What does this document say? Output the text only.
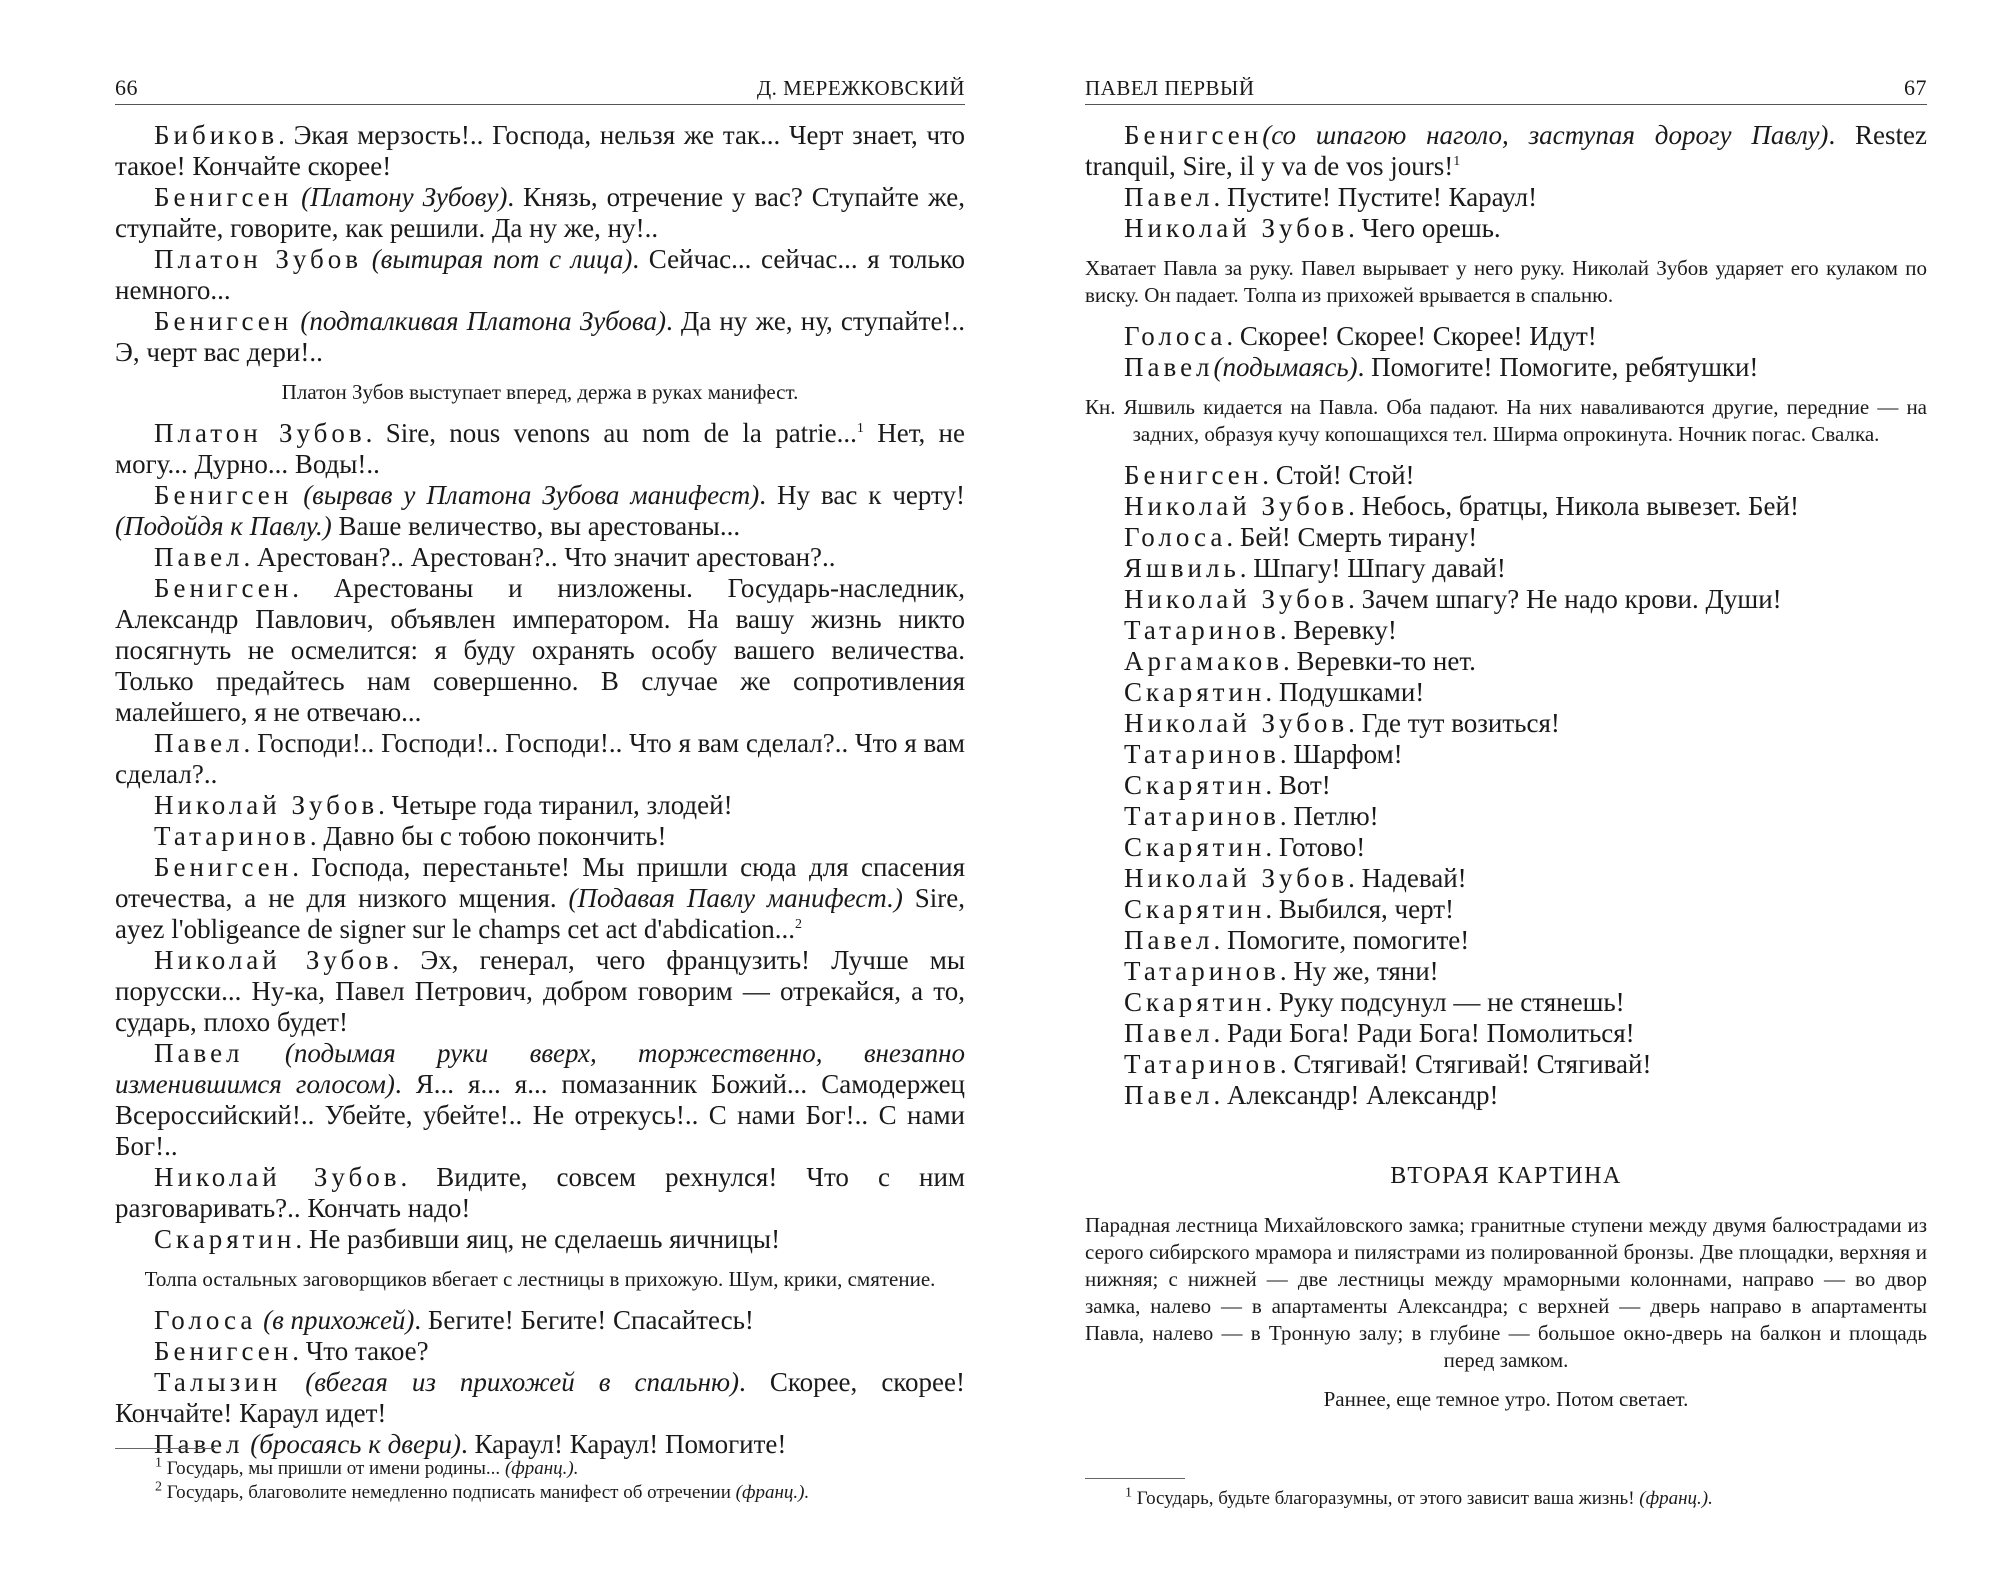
66	Д. МЕРЕЖКОВСКИЙ

Бибиков. Экая мерзость!.. Господа, нельзя же так... Черт знает, что такое! Кончайте скорее!

Бенигсен (Платону Зубову). Князь, отречение у вас? Ступайте же, ступайте, говорите, как решили. Да ну же, ну!..

Платон Зубов (вытирая пот с лица). Сейчас... сейчас... я только немного...

Бенигсен (подталкивая Платона Зубова). Да ну же, ну, ступайте!.. Э, черт вас дери!..

Платон Зубов выступает вперед, держа в руках манифест.

Платон Зубов. Sire, nous venons au nom de la patrie...$^1$ Нет, не могу... Дурно... Воды!..

Бенигсен (вырвав у Платона Зубова манифест). Ну вас к черту! (Подойдя к Павлу.) Ваше величество, вы арестованы...

Павел. Арестован?.. Арестован?.. Что значит арестован?..

Бенигсен. Арестованы и низложены. Государь-наследник, Александр Павлович, объявлен императором. На вашу жизнь никто посягнуть не осмелится: я буду охранять особу вашего величества. Только предайтесь нам совершенно. В случае же сопротивления малейшего, я не отвечаю...

Павел. Господи!.. Господи!.. Господи!.. Что я вам сделал?.. Что я вам сделал?..

Николай Зубов. Четыре года тиранил, злодей!

Татаринов. Давно бы с тобою покончить!

Бенигсен. Господа, перестаньте! Мы пришли сюда для спасения отечества, а не для низкого мщения. (Подавая Павлу манифест.) Sire, ayez l'obligeance de signer sur le champs cet act d'abdication...$^2$

Николай Зубов. Эх, генерал, чего французить! Лучше мы порусски... Ну-ка, Павел Петрович, добром говорим — отрекайся, а то, сударь, плохо будет!

Павел (подымая руки вверх, торжественно, внезапно изменившимся голосом). Я... я... я... помазанник Божий... Самодержец Всероссийский!.. Убейте, убейте!.. Не отрекусь!.. С нами Бог!.. С нами Бог!..

Николай Зубов. Видите, совсем рехнулся! Что с ним разговаривать?.. Кончать надо!

Скарятин. Не разбивши яиц, не сделаешь яичницы!

Толпа остальных заговорщиков вбегает с лестницы в прихожую. Шум, крики, смятение.

Голоса (в прихожей). Бегите! Бегите! Спасайтесь!

Бенигсен. Что такое?

Талызин (вбегая из прихожей в спальню). Скорее, скорее! Кончайте! Караул идет!

Павел (бросаясь к двери). Караул! Караул! Помогите!

$^1$ Государь, мы пришли от имени родины... (франц.).

$^2$ Государь, благоволите немедленно подписать манифест об отречении (франц.).

ПАВЕЛ ПЕРВЫЙ	67

Бенигсен(со шпагою наголо, заступая дорогу Павлу). Restez tranquil, Sire, il y va de vos jours!$^1$

Павел. Пустите! Пустите! Караул!

Николай Зубов. Чего орешь.

Хватает Павла за руку. Павел вырывает у него руку. Николай Зубов ударяет его кулаком по виску. Он падает. Толпа из прихожей врывается в спальню.

Голоса. Скорее! Скорее! Скорее! Идут!

Павел(подымаясь). Помогите! Помогите, ребятушки!

Кн. Яшвиль кидается на Павла. Оба падают. На них наваливаются другие, передние — на задних, образуя кучу копошащихся тел. Ширма опрокинута. Ночник погас. Свалка.

Бенигсен. Стой! Стой!

Николай Зубов. Небось, братцы, Никола вывезет. Бей!

Голоса. Бей! Смерть тирану!

Яшвиль. Шпагу! Шпагу давай!

Николай Зубов. Зачем шпагу? Не надо крови. Души!

Татаринов. Веревку!

Аргамаков. Веревки-то нет.

Скарятин. Подушками!

Николай Зубов. Где тут возиться!

Татаринов. Шарфом!

Скарятин. Вот!

Татаринов. Петлю!

Скарятин. Готово!

Николай Зубов. Надевай!

Скарятин. Выбился, черт!

Павел. Помогите, помогите!

Татаринов. Ну же, тяни!

Скарятин. Руку подсунул — не стянешь!

Павел. Ради Бога! Ради Бога! Помолиться!

Татаринов. Стягивай! Стягивай! Стягивай!

Павел. Александр! Александр!

ВТОРАЯ КАРТИНА

Парадная лестница Михайловского замка; гранитные ступени между двумя балюстрадами из серого сибирского мрамора и пилястрами из полированной бронзы. Две площадки, верхняя и нижняя; с нижней — две лестницы между мраморными колоннами, направо — во двор замка, налево — в апартаменты Александра; с верхней — дверь направо в апартаменты Павла, налево — в Тронную залу; в глубине — большое окно-дверь на балкон и площадь перед замком.

Раннее, еще темное утро. Потом светает.

$^1$ Государь, будьте благоразумны, от этого зависит ваша жизнь! (франц.).
